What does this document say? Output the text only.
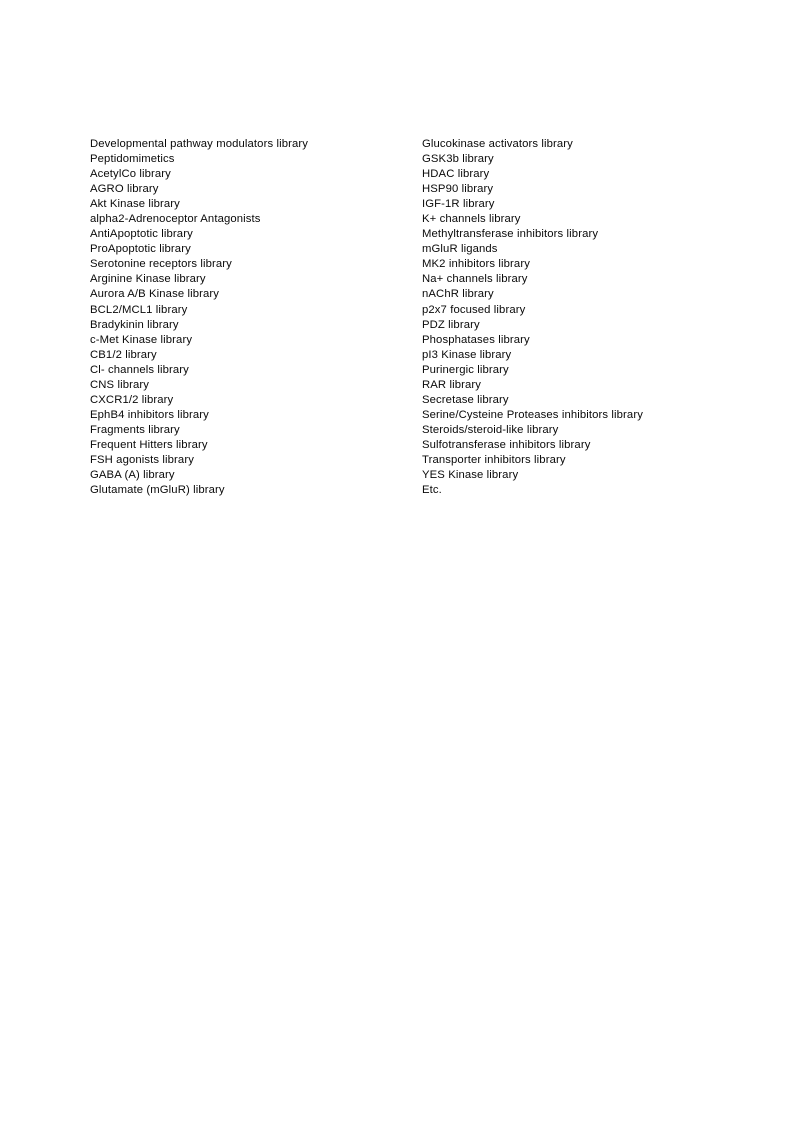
Developmental pathway modulators library
Peptidomimetics
AcetylCo library
AGRO library
Akt Kinase library
alpha2-Adrenoceptor Antagonists
AntiApoptotic library
ProApoptotic library
Serotonine receptors library
Arginine Kinase library
Aurora A/B Kinase library
BCL2/MCL1 library
Bradykinin library
c-Met Kinase library
CB1/2 library
Cl- channels library
CNS library
CXCR1/2 library
EphB4 inhibitors library
Fragments library
Frequent Hitters library
FSH agonists library
GABA (A) library
Glutamate (mGluR) library
Glucokinase activators library
GSK3b library
HDAC library
HSP90 library
IGF-1R library
K+ channels library
Methyltransferase inhibitors library
mGluR ligands
MK2 inhibitors library
Na+ channels library
nAChR library
p2x7 focused library
PDZ library
Phosphatases library
pI3 Kinase library
Purinergic library
RAR library
Secretase library
Serine/Cysteine Proteases inhibitors library
Steroids/steroid-like library
Sulfotransferase inhibitors library
Transporter inhibitors library
YES Kinase library
Etc.
